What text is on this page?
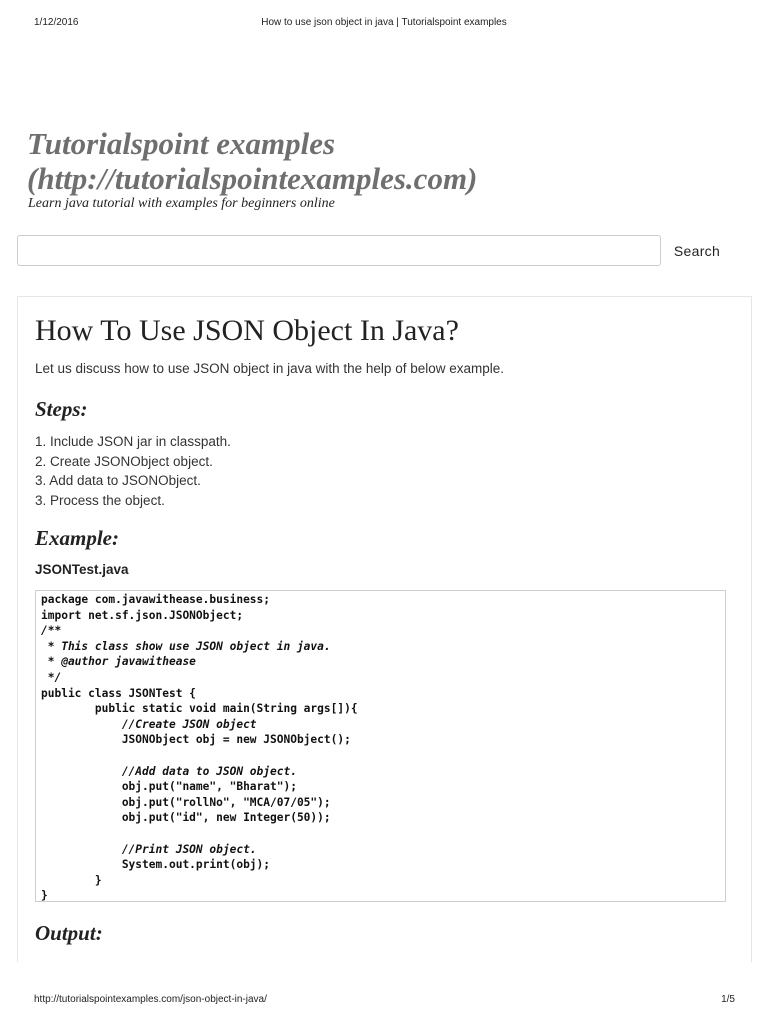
1/12/2016	How to use json object in java | Tutorialspoint examples
Tutorialspoint examples
(http://tutorialspointexamples.com)
Learn java tutorial with examples for beginners online
Search
How To Use JSON Object In Java?

Let us discuss how to use JSON object in java with the help of below example.

Steps:
1. Include JSON jar in classpath.
2. Create JSONObject object.
3. Add data to JSONObject.
3. Process the object.
Example:
JSONTest.java
package com.javawithease.business;
import net.sf.json.JSONObject;
/**
* This class show use JSON object in java.
* @author javawithease
*/
public class JSONTest {
public static void main(String args[]){
//Create JSON object
JSONObject obj = new JSONObject();
//Add data to JSON object.
obj.put("name", "Bharat");
obj.put("rollNo", "MCA/07/05");
obj.put("id", new Integer(50));
//Print JSON object.
System.out.print(obj);
}
}
Output:
http://tutorialspointexamples.com/json-object-in-java/	1/5
